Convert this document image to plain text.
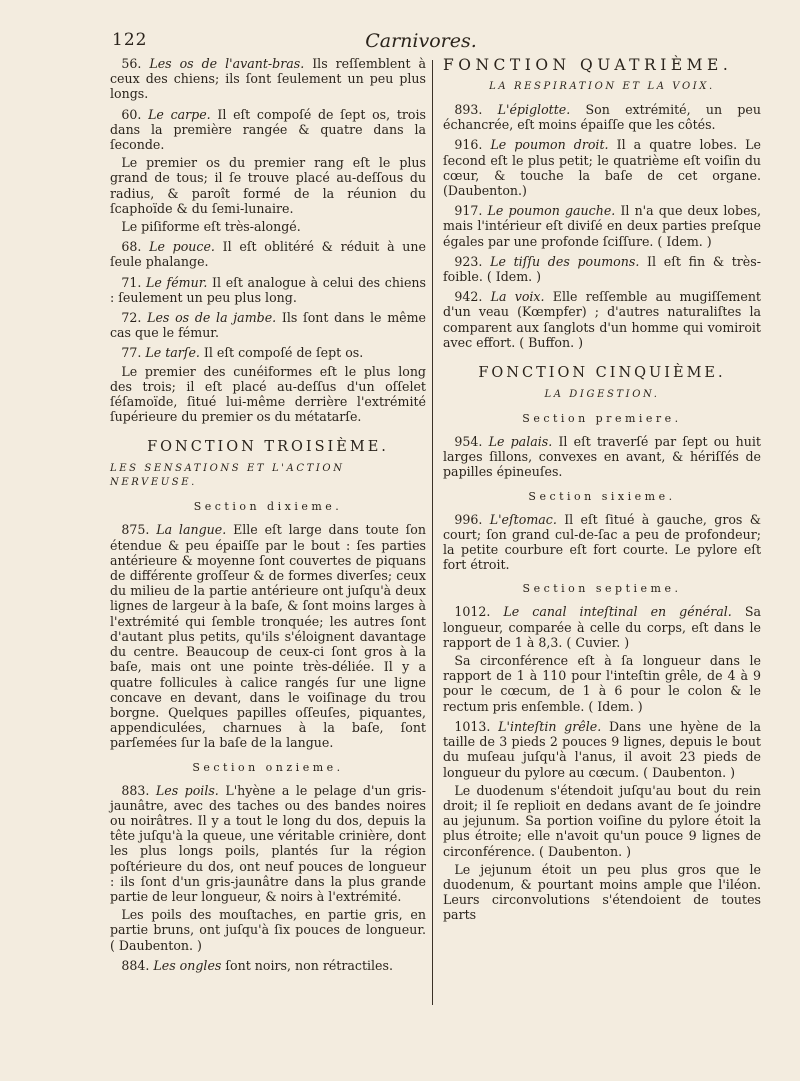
122	Carnivores.

56. Les os de l'avant-bras. Ils reſſemblent à ceux des chiens; ils ſont ſeulement un peu plus longs.

60. Le carpe. Il eſt compoſé de ſept os, trois dans la première rangée & quatre dans la ſeconde.

Le premier os du premier rang eſt le plus grand de tous; il ſe trouve placé au-deſſous du radius, & paroît formé de la réunion du ſcaphoïde & du ſemi-lunaire.

Le piſiforme eſt très-alongé.

68. Le pouce. Il eſt oblitéré & réduit à une ſeule phalange.

71. Le fémur. Il eſt analogue à celui des chiens : ſeulement un peu plus long.

72. Les os de la jambe. Ils ſont dans le même cas que le fémur.

77. Le tarſe. Il eſt compoſé de ſept os.

Le premier des cunéiformes eſt le plus long des trois; il eſt placé au-deſſus d'un oſſelet ſéſamoïde, ſitué lui-même derrière l'extrémité ſupérieure du premier os du métatarſe.

FONCTION TROISIÈME.
LES SENSATIONS ET L'ACTION NERVEUSE.
Section dixieme.

875. La langue. Elle eſt large dans toute ſon étendue & peu épaiſſe par le bout : ſes parties antérieure & moyenne ſont couvertes de piquans de différente groſſeur & de formes diverſes; ceux du milieu de la partie antérieure ont juſqu'à deux lignes de largeur à la baſe, & ſont moins larges à l'extrémité qui ſemble tronquée; les autres ſont d'autant plus petits, qu'ils s'éloignent davantage du centre. Beaucoup de ceux-ci ſont gros à la baſe, mais ont une pointe très-déliée. Il y a quatre follicules à calice rangés ſur une ligne concave en devant, dans le voiſinage du trou borgne. Quelques papilles oſſeuſes, piquantes, appendiculées, charnues à la baſe, ſont parſemées ſur la baſe de la langue.

Section onzieme.

883. Les poils. L'hyène a le pelage d'un gris-jaunâtre, avec des taches ou des bandes noires ou noirâtres. Il y a tout le long du dos, depuis la tête juſqu'à la queue, une véritable crinière, dont les plus longs poils, plantés ſur la région poſtérieure du dos, ont neuf pouces de longueur : ils ſont d'un gris-jaunâtre dans la plus grande partie de leur longueur, & noirs à l'extrémité.

Les poils des mouſtaches, en partie gris, en partie bruns, ont juſqu'à ſix pouces de longueur. ( Daubenton. )

884. Les ongles ſont noirs, non rétractiles.

FONCTION QUATRIÈME.
LA RESPIRATION ET LA VOIX.

893. L'épiglotte. Son extrémité, un peu échancrée, eſt moins épaiſſe que les côtés.

916. Le poumon droit. Il a quatre lobes. Le ſecond eſt le plus petit; le quatrième eſt voiſin du cœur, & touche la baſe de cet organe. (Daubenton.)

917. Le poumon gauche. Il n'a que deux lobes, mais l'intérieur eſt diviſé en deux parties preſque égales par une profonde ſciſſure. ( Idem. )

923. Le tiſſu des poumons. Il eſt fin & très-foible. ( Idem. )

942. La voix. Elle reſſemble au mugiſſement d'un veau (Kœmpfer) ; d'autres naturaliſtes la comparent aux ſanglots d'un homme qui vomiroit avec effort. ( Buffon. )

FONCTION CINQUIÈME.
LA DIGESTION.
Section premiere.

954. Le palais. Il eſt traverſé par ſept ou huit larges ſillons, convexes en avant, & hériſſés de papilles épineuſes.

Section sixieme.

996. L'eſtomac. Il eſt ſitué à gauche, gros & court; ſon grand cul-de-ſac a peu de profondeur; la petite courbure eſt fort courte. Le pylore eſt fort étroit.

Section septieme.

1012. Le canal inteſtinal en général. Sa longueur, comparée à celle du corps, eſt dans le rapport de 1 à 8,3. ( Cuvier. )

Sa circonférence eſt à ſa longueur dans le rapport de 1 à 110 pour l'inteſtin grêle, de 4 à 9 pour le cœcum, de 1 à 6 pour le colon & le rectum pris enſemble. ( Idem. )

1013. L'inteſtin grêle. Dans une hyène de la taille de 3 pieds 2 pouces 9 lignes, depuis le bout du muſeau juſqu'à l'anus, il avoit 23 pieds de longueur du pylore au cœcum. ( Daubenton. )

Le duodenum s'étendoit juſqu'au bout du rein droit; il ſe replioit en dedans avant de ſe joindre au jejunum. Sa portion voiſine du pylore étoit la plus étroite; elle n'avoit qu'un pouce 9 lignes de circonférence. ( Daubenton. )

Le jejunum étoit un peu plus gros que le duodenum, & pourtant moins ample que l'iléon. Leurs circonvolutions s'étendoient de toutes parts
